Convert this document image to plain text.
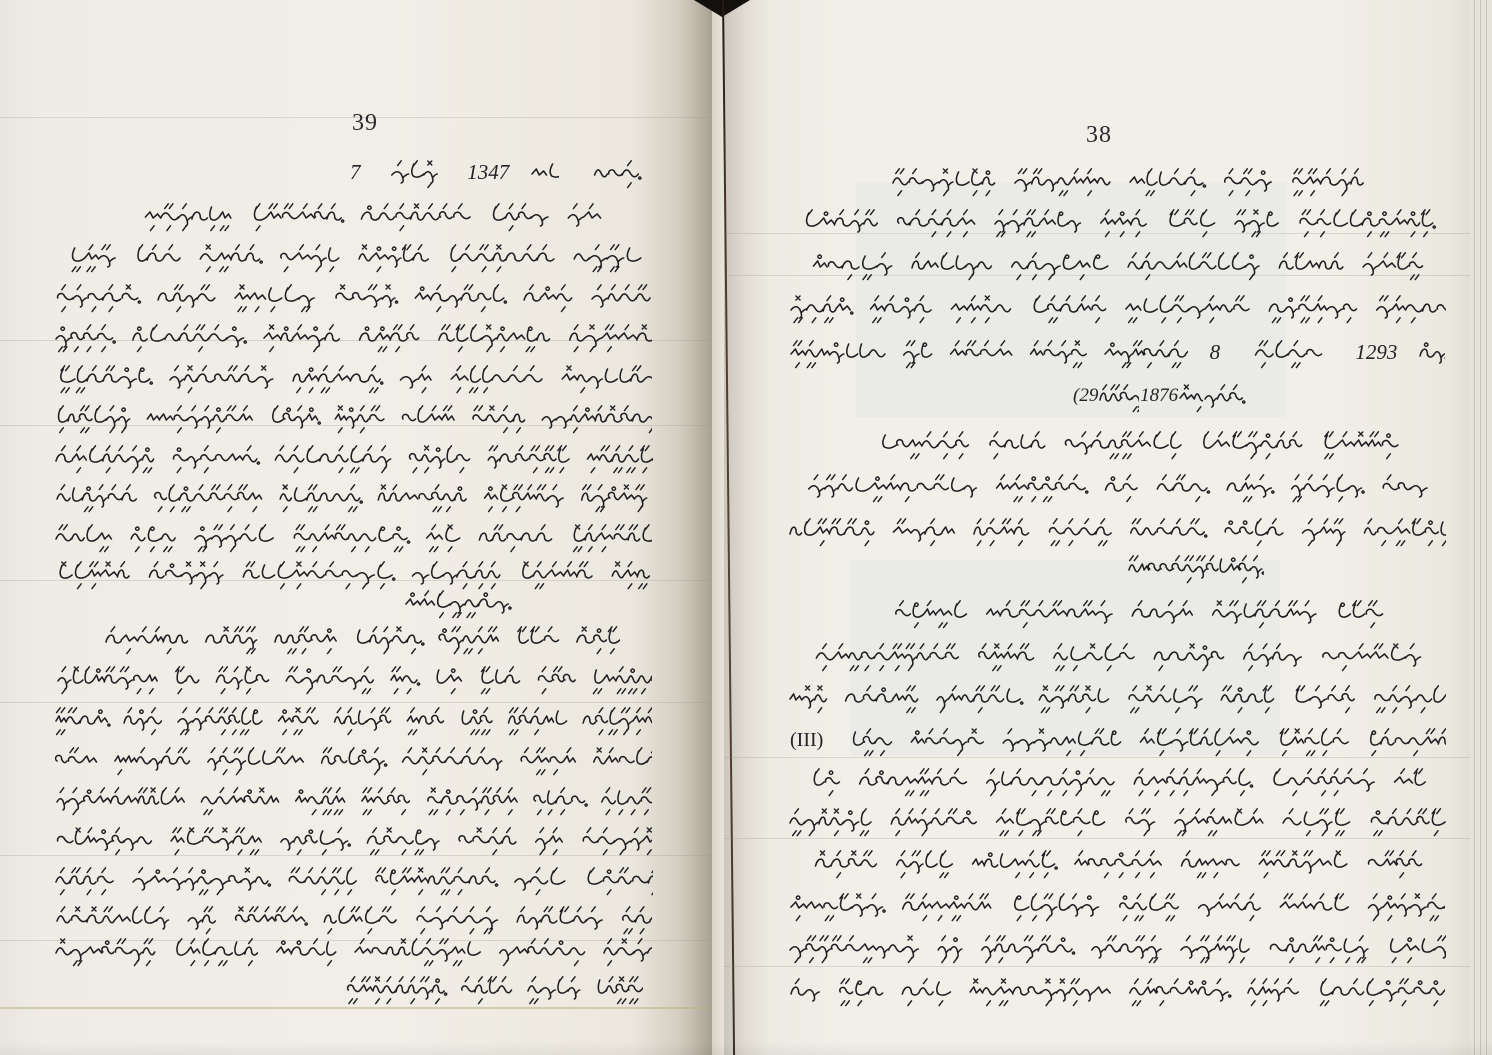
39
7	1347
38
8	1293
(29 1876
(III)
